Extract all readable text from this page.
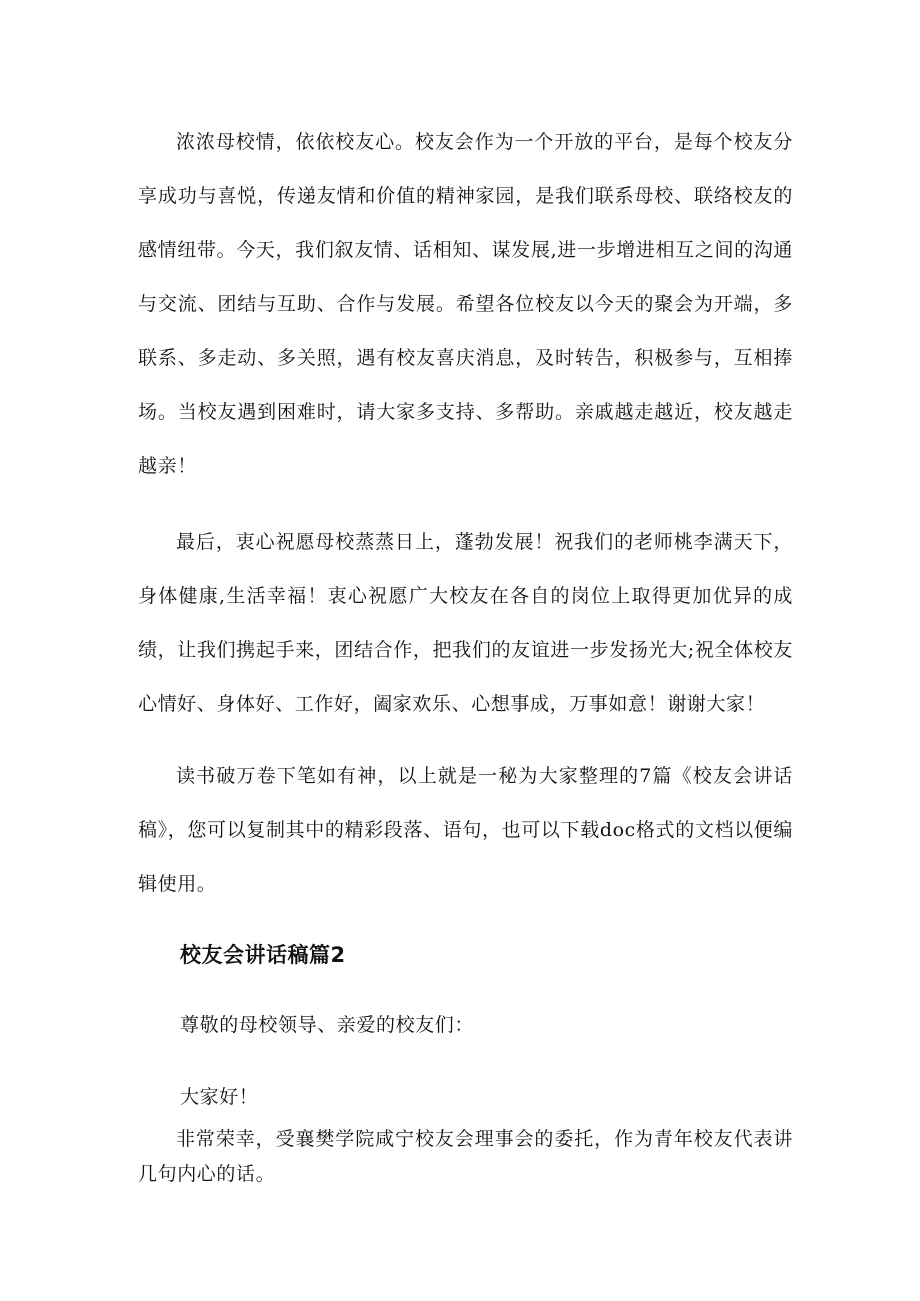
浓浓母校情，依依校友心。校友会作为一个开放的平台，是每个校友分享成功与喜悦，传递友情和价值的精神家园，是我们联系母校、联络校友的感情纽带。今天，我们叙友情、话相知、谋发展,进一步增进相互之间的沟通与交流、团结与互助、合作与发展。希望各位校友以今天的聚会为开端，多联系、多走动、多关照，遇有校友喜庆消息，及时转告，积极参与，互相捧场。当校友遇到困难时，请大家多支持、多帮助。亲戚越走越近，校友越走越亲！

最后，衷心祝愿母校蒸蒸日上，蓬勃发展！祝我们的老师桃李满天下，身体健康,生活幸福！衷心祝愿广大校友在各自的岗位上取得更加优异的成绩，让我们携起手来，团结合作，把我们的友谊进一步发扬光大;祝全体校友心情好、身体好、工作好，阖家欢乐、心想事成，万事如意！谢谢大家！

读书破万卷下笔如有神，以上就是一秘为大家整理的7篇《校友会讲话稿》，您可以复制其中的精彩段落、语句，也可以下载doc格式的文档以便编辑使用。

校友会讲话稿篇2

尊敬的母校领导、亲爱的校友们：

大家好！

非常荣幸，受襄樊学院咸宁校友会理事会的委托，作为青年校友代表讲几句内心的话。
